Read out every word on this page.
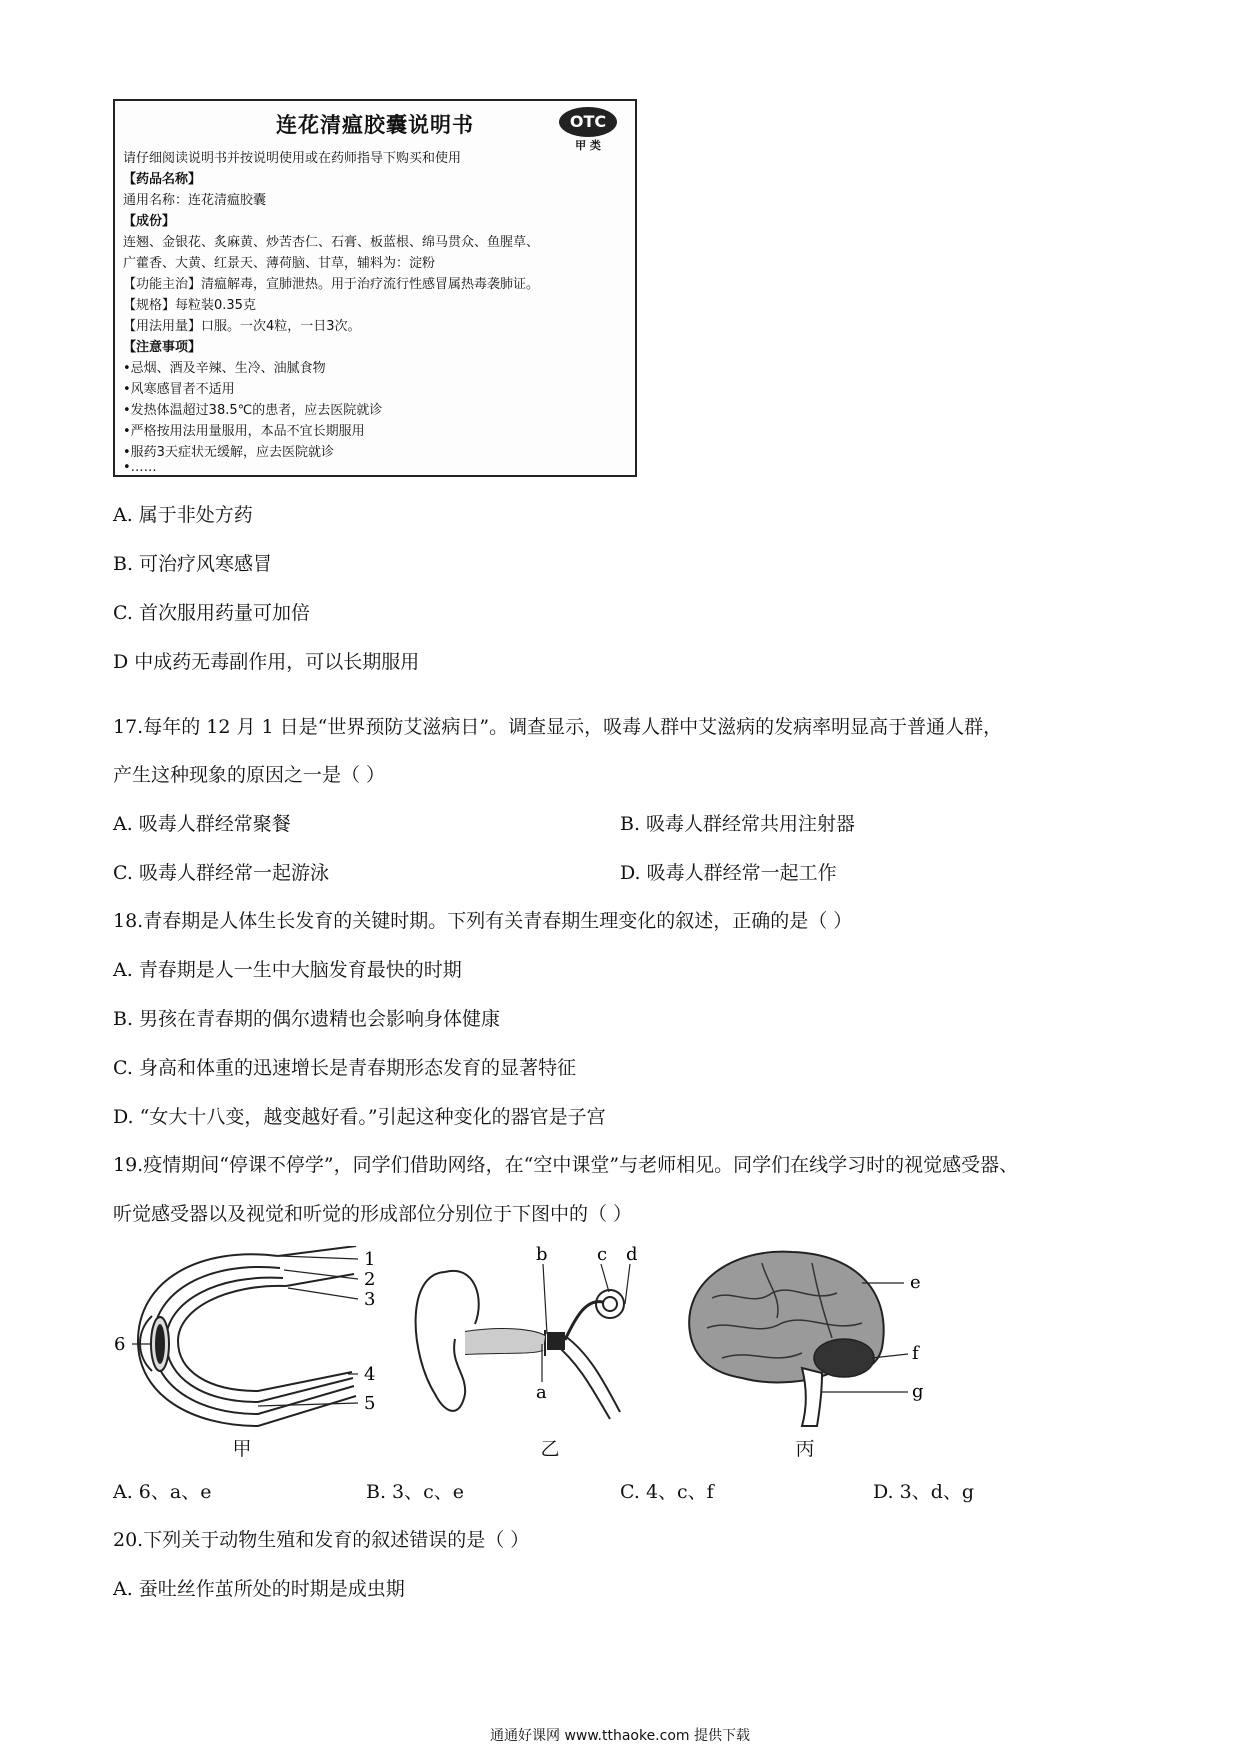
连花清瘟胶囊说明书	OTC
甲 类
请仔细阅读说明书并按说明使用或在药师指导下购买和使用
【药品名称】
通用名称：连花清瘟胶囊
【成份】
连翘、金银花、炙麻黄、炒苦杏仁、石膏、板蓝根、绵马贯众、鱼腥草、
广藿香、大黄、红景天、薄荷脑、甘草，辅料为：淀粉
【功能主治】清瘟解毒，宣肺泄热。用于治疗流行性感冒属热毒袭肺证。
【规格】每粒装0.35克
【用法用量】口服。一次4粒，一日3次。
【注意事项】
•忌烟、酒及辛辣、生冷、油腻食物
•风寒感冒者不适用
•发热体温超过38.5℃的患者，应去医院就诊
•严格按用法用量服用，本品不宜长期服用
•服药3天症状无缓解，应去医院就诊
•……
A. 属于非处方药
B. 可治疗风寒感冒
C. 首次服用药量可加倍
D 中成药无毒副作用，可以长期服用
17.每年的 12 月 1 日是“世界预防艾滋病日”。调查显示，吸毒人群中艾滋病的发病率明显高于普通人群，
产生这种现象的原因之一是（ ）
A. 吸毒人群经常聚餐	B. 吸毒人群经常共用注射器
C. 吸毒人群经常一起游泳	D. 吸毒人群经常一起工作
18.青春期是人体生长发育的关键时期。下列有关青春期生理变化的叙述，正确的是（ ）
A. 青春期是人一生中大脑发育最快的时期
B. 男孩在青春期的偶尔遗精也会影响身体健康
C. 身高和体重的迅速增长是青春期形态发育的显著特征
D. “女大十八变，越变越好看。”引起这种变化的器官是子宫
19.疫情期间“停课不停学”，同学们借助网络，在“空中课堂”与老师相见。同学们在线学习时的视觉感受器、
听觉感受器以及视觉和听觉的形成部位分别位于下图中的（ ）
1
2
3
4
5
6
b	c d
a
e
f
g
甲	乙	丙
A. 6、a、e	B. 3、c、e	C. 4、c、f	D. 3、d、g
20.下列关于动物生殖和发育的叙述错误的是（ ）
A. 蚕吐丝作茧所处的时期是成虫期
通通好课网 www.tthaoke.com 提供下载
